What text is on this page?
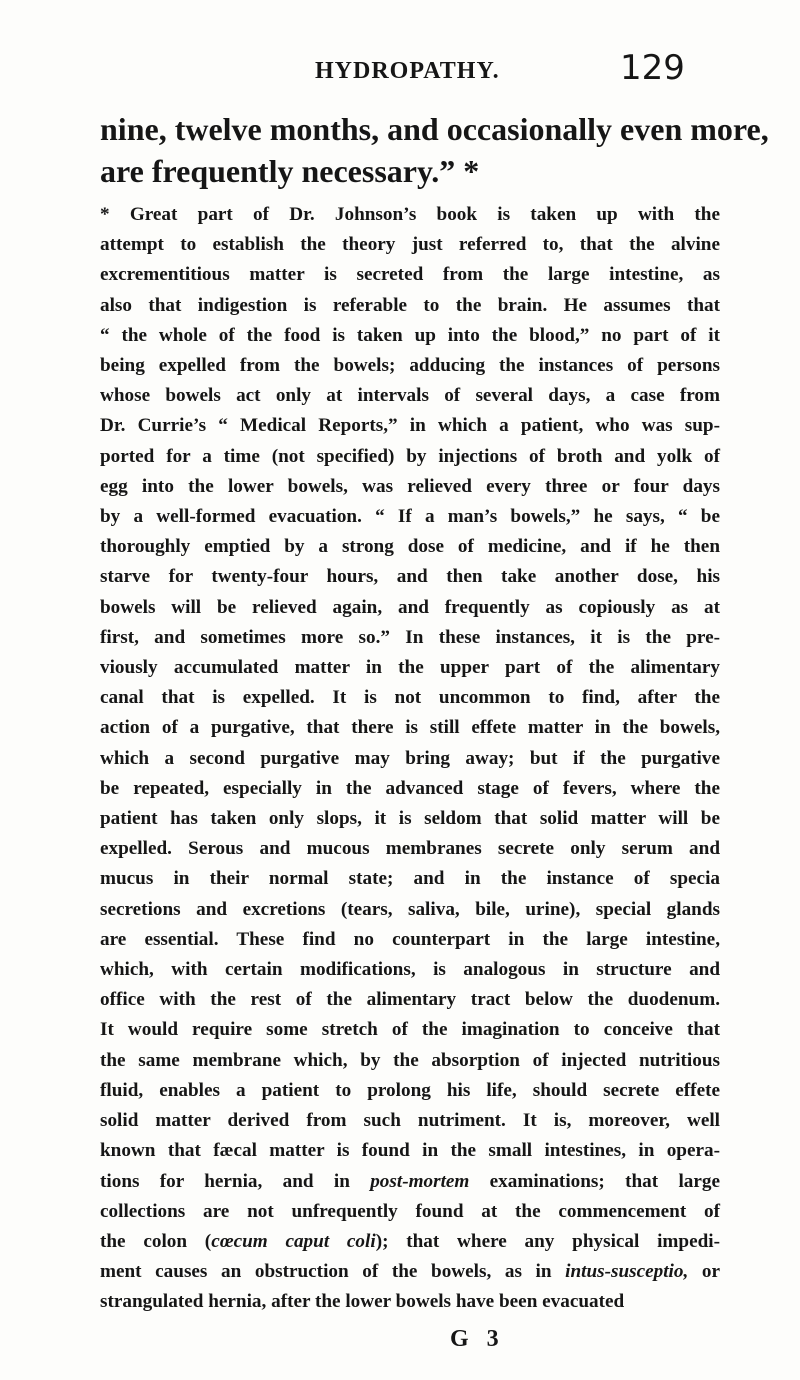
HYDROPATHY.	129
nine, twelve months, and occasionally even more,
are frequently necessary.” *
* Great part of Dr. Johnson’s book is taken up with the
attempt to establish the theory just referred to, that the alvine
excrementitious matter is secreted from the large intestine, as
also that indigestion is referable to the brain. He assumes that
“ the whole of the food is taken up into the blood,” no part of it
being expelled from the bowels; adducing the instances of persons
whose bowels act only at intervals of several days, a case from
Dr. Currie’s “ Medical Reports,” in which a patient, who was sup-
ported for a time (not specified) by injections of broth and yolk of
egg into the lower bowels, was relieved every three or four days
by a well-formed evacuation. “ If a man’s bowels,” he says, “ be
thoroughly emptied by a strong dose of medicine, and if he then
starve for twenty-four hours, and then take another dose, his
bowels will be relieved again, and frequently as copiously as at
first, and sometimes more so.” In these instances, it is the pre-
viously accumulated matter in the upper part of the alimentary
canal that is expelled. It is not uncommon to find, after the
action of a purgative, that there is still effete matter in the bowels,
which a second purgative may bring away; but if the purgative
be repeated, especially in the advanced stage of fevers, where the
patient has taken only slops, it is seldom that solid matter will be
expelled. Serous and mucous membranes secrete only serum and
mucus in their normal state; and in the instance of specia
secretions and excretions (tears, saliva, bile, urine), special glands
are essential. These find no counterpart in the large intestine,
which, with certain modifications, is analogous in structure and
office with the rest of the alimentary tract below the duodenum.
It would require some stretch of the imagination to conceive that
the same membrane which, by the absorption of injected nutritious
fluid, enables a patient to prolong his life, should secrete effete
solid matter derived from such nutriment. It is, moreover, well
known that fæcal matter is found in the small intestines, in opera-
tions for hernia, and in post-mortem examinations; that large
collections are not unfrequently found at the commencement of
the colon (cœcum caput coli); that where any physical impedi-
ment causes an obstruction of the bowels, as in intus-susceptio, or
strangulated hernia, after the lower bowels have been evacuated
G 3
